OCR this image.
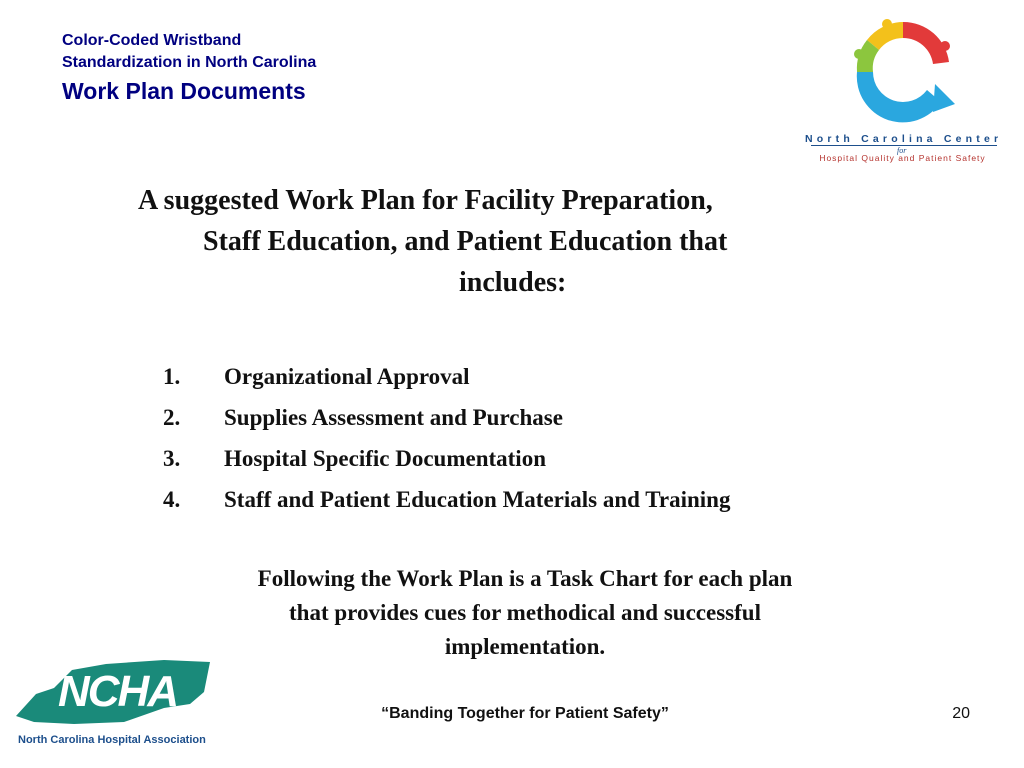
Color-Coded Wristband
Standardization in North Carolina
Work Plan Documents
North Carolina Center
for
Hospital Quality and Patient Safety
A suggested Work Plan for Facility Preparation,
Staff Education, and Patient Education that
includes:
1.	Organizational Approval
2.	Supplies Assessment and Purchase
3.	Hospital Specific Documentation
4.	Staff and Patient Education Materials and Training
Following the Work Plan is a Task Chart for each plan
that provides cues for methodical and successful
implementation.
NCHA
North Carolina Hospital Association
“Banding Together for Patient Safety”	20
